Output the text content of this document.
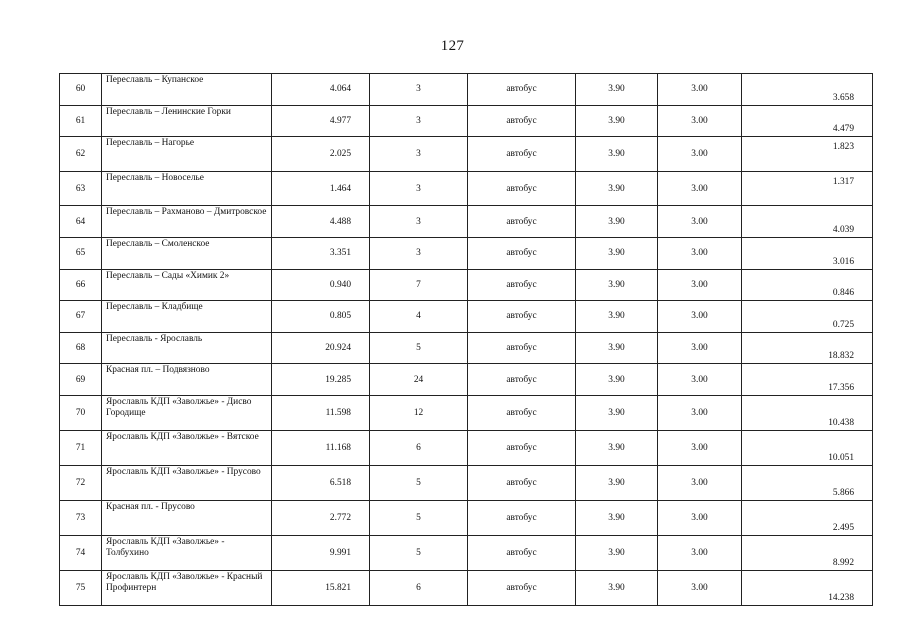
127
60	Переславль – Купанское	4.064	3	автобус	3.90	3.00	3.658
61	Переславль – Ленинские Горки	4.977	3	автобус	3.90	3.00	4.479
62	Переславль – Нагорье	2.025	3	автобус	3.90	3.00	1.823
63	Переславль – Новоселье	1.464	3	автобус	3.90	3.00	1.317
64	Переславль – Рахманово – Дмитровское	4.488	3	автобус	3.90	3.00	4.039
65	Переславль – Смоленское	3.351	3	автобус	3.90	3.00	3.016
66	Переславль – Сады «Химик 2»	0.940	7	автобус	3.90	3.00	0.846
67	Переславль – Кладбище	0.805	4	автобус	3.90	3.00	0.725
68	Переславль - Ярославль	20.924	5	автобус	3.90	3.00	18.832
69	Красная пл. – Подвязново	19.285	24	автобус	3.90	3.00	17.356
70	Ярославль КДП «Заволжье» - Дисво Городище	11.598	12	автобус	3.90	3.00	10.438
71	Ярославль КДП «Заволжье» - Вятское	11.168	6	автобус	3.90	3.00	10.051
72	Ярославль КДП «Заволжье» - Прусово	6.518	5	автобус	3.90	3.00	5.866
73	Красная пл. - Прусово	2.772	5	автобус	3.90	3.00	2.495
74	Ярославль КДП «Заволжье» - Толбухино	9.991	5	автобус	3.90	3.00	8.992
75	Ярославль КДП «Заволжье» - Красный Профинтерн	15.821	6	автобус	3.90	3.00	14.238
